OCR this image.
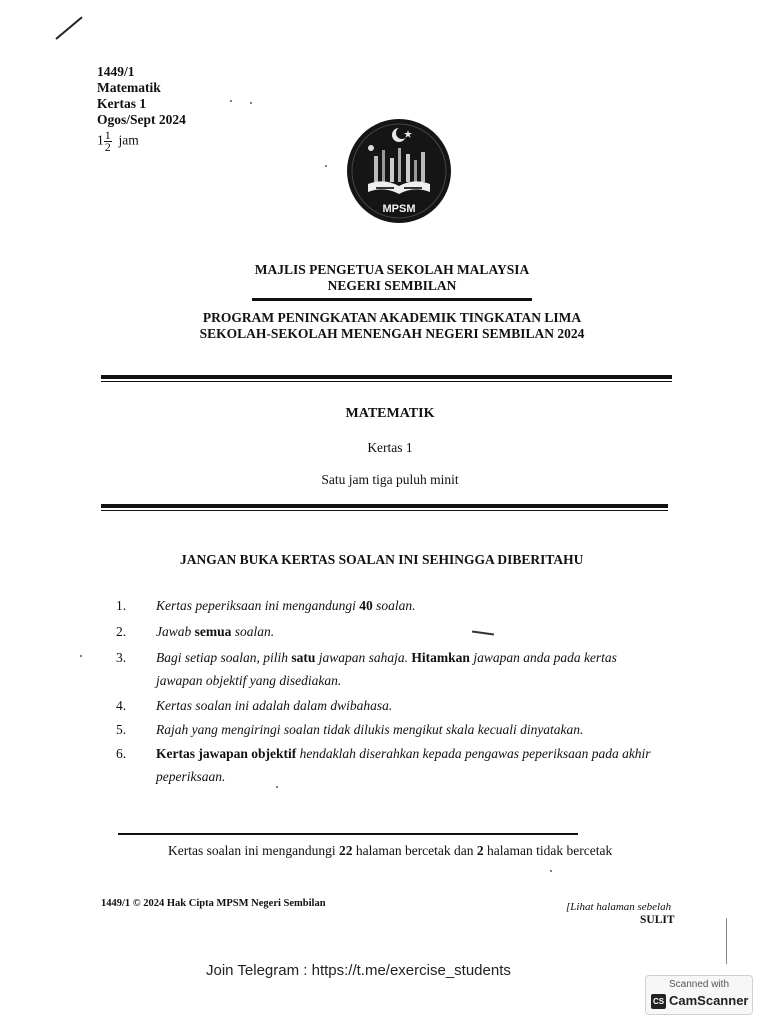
1449/1
Matematik
Kertas 1
Ogos/Sept 2024
$1 \frac{1}{2}$ jam
MPSM
MAJLIS PENGETUA SEKOLAH MALAYSIA
NEGERI SEMBILAN
PROGRAM PENINGKATAN AKADEMIK TINGKATAN LIMA
SEKOLAH-SEKOLAH MENENGAH NEGERI SEMBILAN 2024
MATEMATIK
Kertas 1
Satu jam tiga puluh minit
JANGAN BUKA KERTAS SOALAN INI SEHINGGA DIBERITAHU
1. Kertas peperiksaan ini mengandungi 40 soalan.
2. Jawab semua soalan.
3. Bagi setiap soalan, pilih satu jawapan sahaja. Hitamkan jawapan anda pada kertas
jawapan objektif yang disediakan.
4. Kertas soalan ini adalah dalam dwibahasa.
5. Rajah yang mengiringi soalan tidak dilukis mengikut skala kecuali dinyatakan.
6. Kertas jawapan objektif hendaklah diserahkan kepada pengawas peperiksaan pada akhir
peperiksaan.
Kertas soalan ini mengandungi 22 halaman bercetak dan 2 halaman tidak bercetak
1449/1 © 2024 Hak Cipta MPSM Negeri Sembilan	[Lihat halaman sebelah
SULIT
Join Telegram : https://t.me/exercise_students
Scanned with
CS CamScanner
